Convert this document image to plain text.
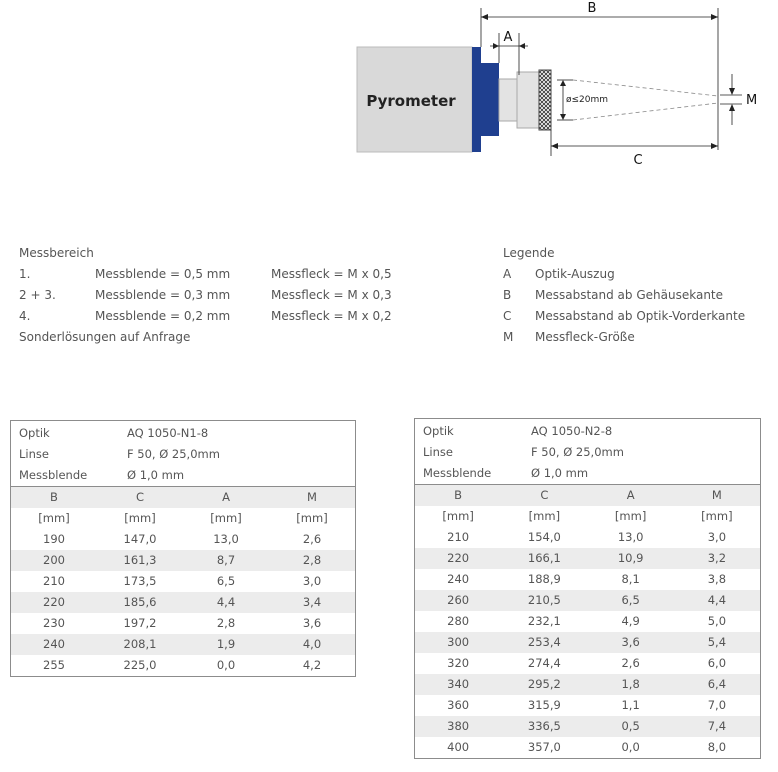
Pyrometer	ø≤20mm
B
A
C
M
Messbereich
1.	Messblende = 0,5 mm	Messfleck = M x 0,5
2 + 3.	Messblende = 0,3 mm	Messfleck = M x 0,3
4.	Messblende = 0,2 mm	Messfleck = M x 0,2
Sonderlösungen auf Anfrage
Legende
A Optik-Auszug
B Messabstand ab Gehäusekante
C Messabstand ab Optik-Vorderkante
M Messfleck-Größe
Optik	AQ 1050-N1-8
Linse	F 50, Ø 25,0mm
Messblende	Ø 1,0 mm
B	C	A	M
[mm]	[mm]	[mm]	[mm]
190	147,0	13,0	2,6
200	161,3	8,7	2,8
210	173,5	6,5	3,0
220	185,6	4,4	3,4
230	197,2	2,8	3,6
240	208,1	1,9	4,0
255	225,0	0,0	4,2
Optik	AQ 1050-N2-8
Linse	F 50, Ø 25,0mm
Messblende	Ø 1,0 mm
B	C	A	M
[mm]	[mm]	[mm]	[mm]
210	154,0	13,0	3,0
220	166,1	10,9	3,2
240	188,9	8,1	3,8
260	210,5	6,5	4,4
280	232,1	4,9	5,0
300	253,4	3,6	5,4
320	274,4	2,6	6,0
340	295,2	1,8	6,4
360	315,9	1,1	7,0
380	336,5	0,5	7,4
400	357,0	0,0	8,0
